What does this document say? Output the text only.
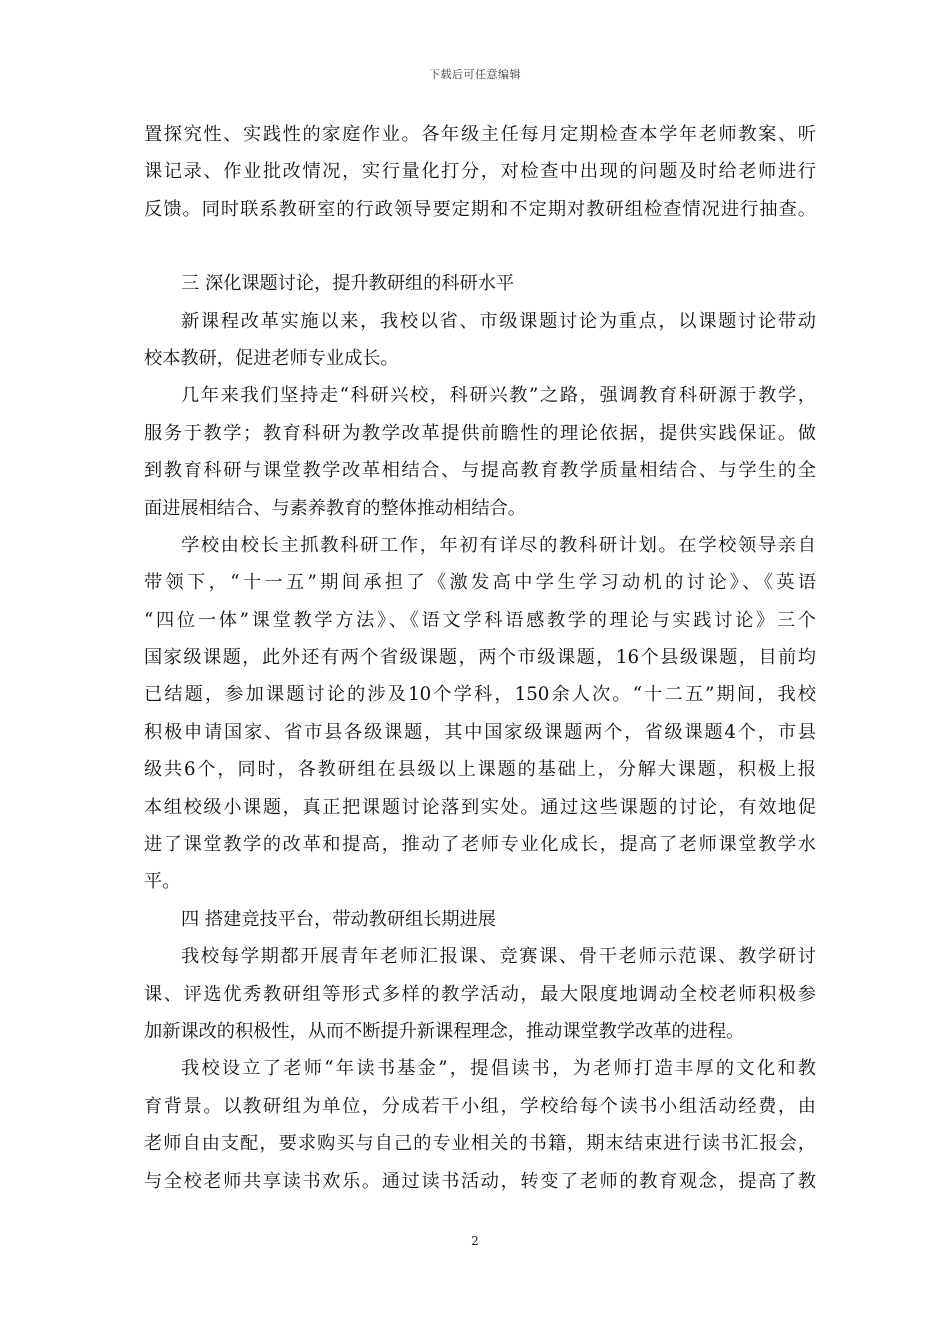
下载后可任意编辑
置探究性、实践性的家庭作业。各年级主任每月定期检查本学年老师教案、听
课记录、作业批改情况，实行量化打分，对检查中出现的问题及时给老师进行
反馈。同时联系教研室的行政领导要定期和不定期对教研组检查情况进行抽查。
三 深化课题讨论，提升教研组的科研水平
新课程改革实施以来，我校以省、市级课题讨论为重点，以课题讨论带动
校本教研，促进老师专业成长。
几年来我们坚持走“科研兴校，科研兴教”之路，强调教育科研源于教学，
服务于教学；教育科研为教学改革提供前瞻性的理论依据，提供实践保证。做
到教育科研与课堂教学改革相结合、与提高教育教学质量相结合、与学生的全
面进展相结合、与素养教育的整体推动相结合。
学校由校长主抓教科研工作，年初有详尽的教科研计划。在学校领导亲自
带领下，“十一五”期间承担了《激发高中学生学习动机的讨论》、《英语
“四位一体”课堂教学方法》、《语文学科语感教学的理论与实践讨论》三个
国家级课题，此外还有两个省级课题，两个市级课题，16个县级课题，目前均
已结题，参加课题讨论的涉及10个学科，150余人次。“十二五”期间，我校
积极申请国家、省市县各级课题，其中国家级课题两个，省级课题4个，市县
级共6个，同时，各教研组在县级以上课题的基础上，分解大课题，积极上报
本组校级小课题，真正把课题讨论落到实处。通过这些课题的讨论，有效地促
进了课堂教学的改革和提高，推动了老师专业化成长，提高了老师课堂教学水
平。
四 搭建竞技平台，带动教研组长期进展
我校每学期都开展青年老师汇报课、竞赛课、骨干老师示范课、教学研讨
课、评选优秀教研组等形式多样的教学活动，最大限度地调动全校老师积极参
加新课改的积极性，从而不断提升新课程理念，推动课堂教学改革的进程。
我校设立了老师“年读书基金”，提倡读书，为老师打造丰厚的文化和教
育背景。以教研组为单位，分成若干小组，学校给每个读书小组活动经费，由
老师自由支配，要求购买与自己的专业相关的书籍，期末结束进行读书汇报会，
与全校老师共享读书欢乐。通过读书活动，转变了老师的教育观念，提高了教
2
